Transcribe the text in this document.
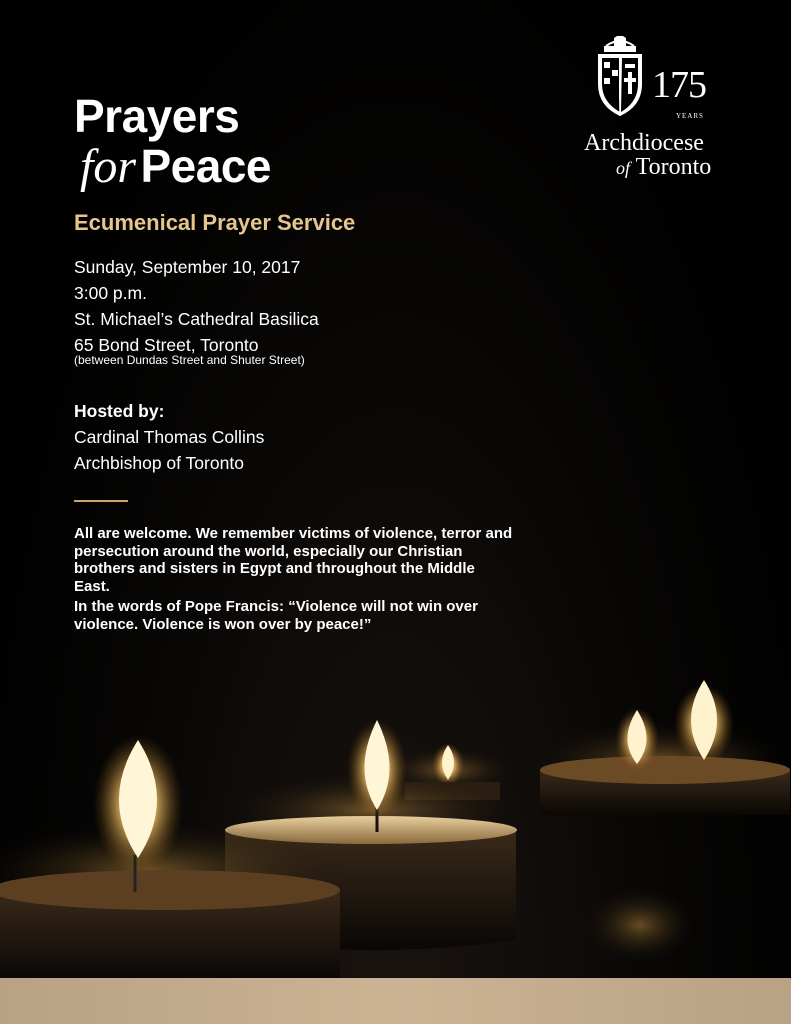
Prayers
for Peace
Ecumenical Prayer Service
Sunday, September 10, 2017
3:00 p.m.
St. Michael’s Cathedral Basilica
65 Bond Street, Toronto
(between Dundas Street and Shuter Street)
Hosted by:
Cardinal Thomas Collins
Archbishop of Toronto

All are welcome. We remember victims of violence, terror and persecution around the world, especially our Christian brothers and sisters in Egypt and throughout the Middle East.

In the words of Pope Francis: “Violence will not win over violence. Violence is won over by peace!”

175
YEARS
Archdiocese
of Toronto
